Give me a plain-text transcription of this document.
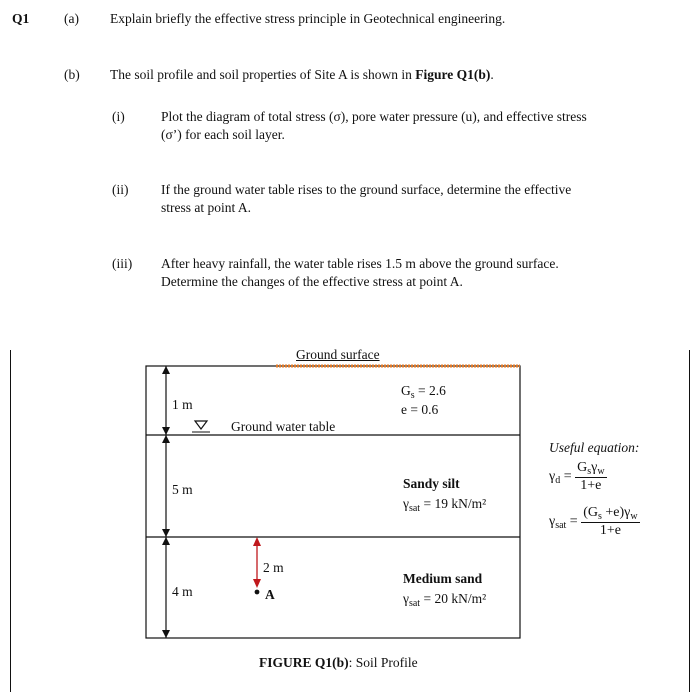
Q1	(a) Explain briefly the effective stress principle in Geotechnical engineering.
(b) The soil profile and soil properties of Site A is shown in Figure Q1(b).
(i)	Plot the diagram of total stress (σ), pore water pressure (u), and effective stress
(σ’) for each soil layer.
(ii) If the ground water table rises to the ground surface, determine the effective
stress at point A.
(iii) After heavy rainfall, the water table rises 1.5 m above the ground surface.
Determine the changes of the effective stress at point A.
Ground surface
1 m
Ground water table
$G_s = 2.6$
e = 0.6
5 m	Sandy silt
$\gamma_{sat} = 19$ kN/m²
2 m
4 m	A
Medium sand
$\gamma_{sat} = 20$ kN/m²
FIGURE Q1(b): Soil Profile
Useful equation:
$\gamma_d = \frac{G_s\gamma_w}{1+e}$
$\gamma_{sat} = \frac{(G_s +e)\gamma_w}{1+e}$
